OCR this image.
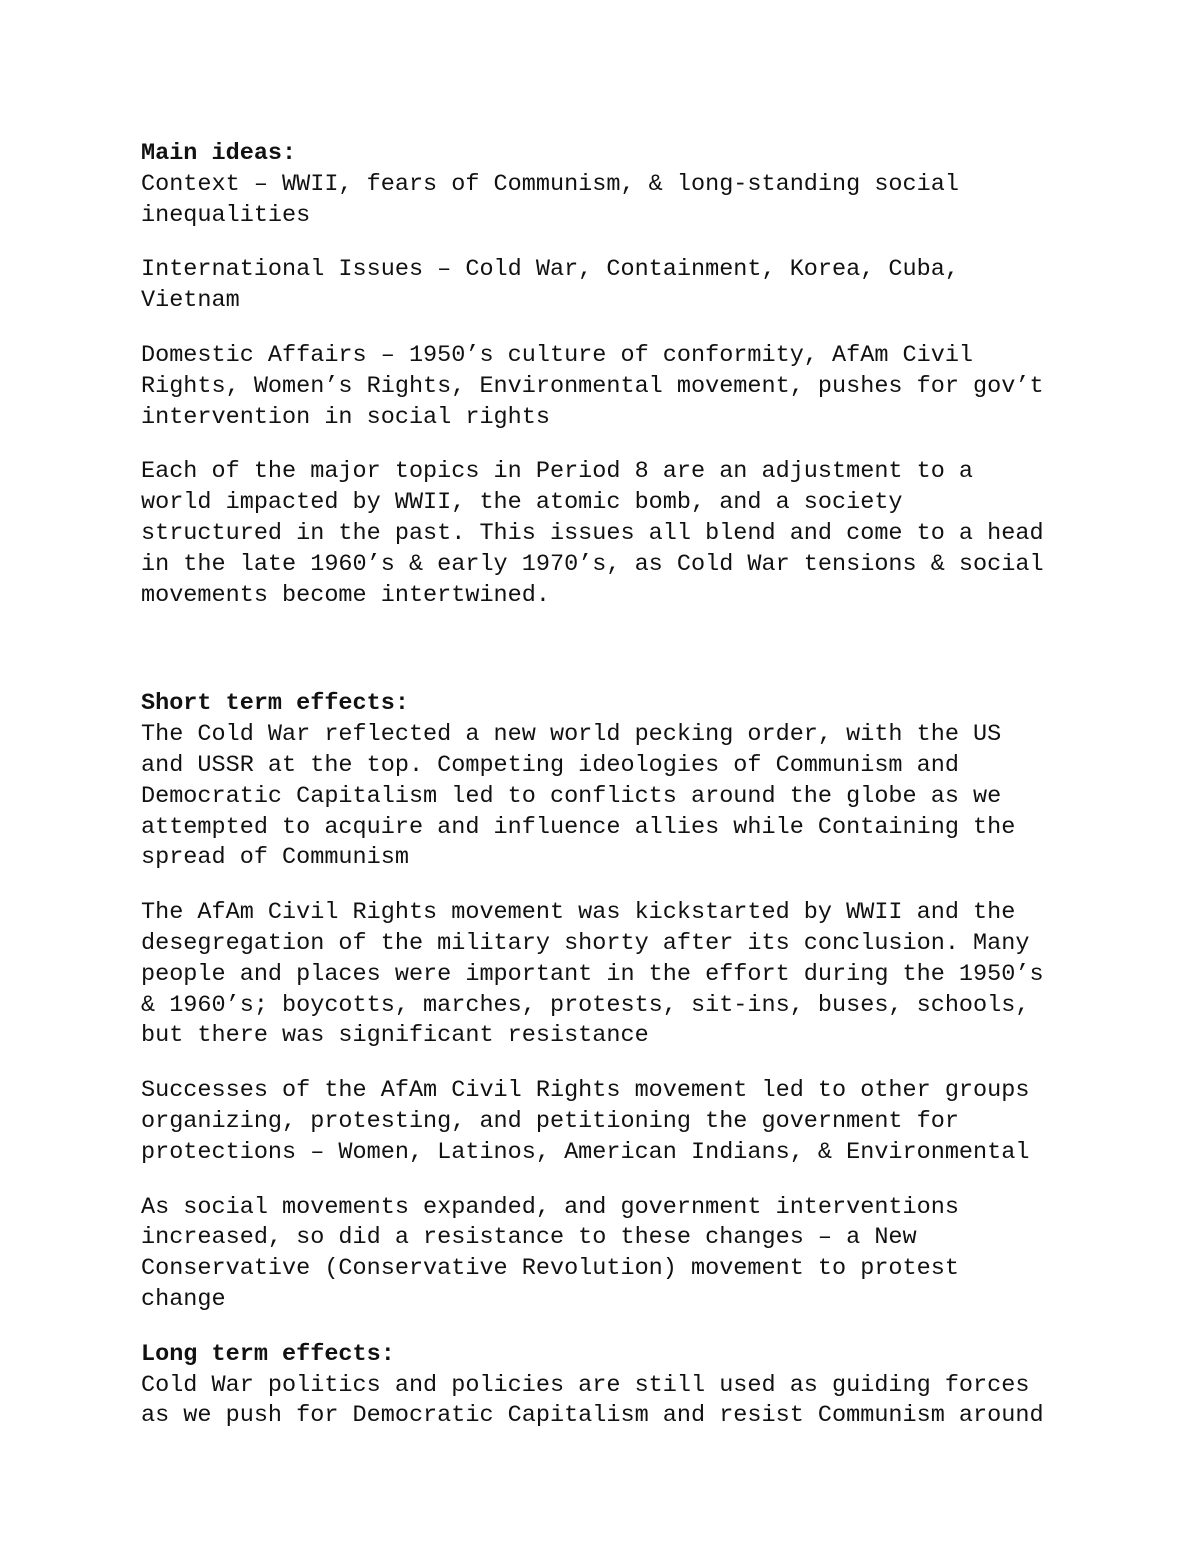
Main ideas:

Context – WWII, fears of Communism, & long-standing social

inequalities

International Issues – Cold War, Containment, Korea, Cuba,

Vietnam

Domestic Affairs – 1950’s culture of conformity, AfAm Civil

Rights, Women’s Rights, Environmental movement, pushes for gov’t

intervention in social rights

Each of the major topics in Period 8 are an adjustment to a

world impacted by WWII, the atomic bomb, and a society

structured in the past. This issues all blend and come to a head

in the late 1960’s & early 1970’s, as Cold War tensions & social

movements become intertwined.

Short term effects:

The Cold War reflected a new world pecking order, with the US

and USSR at the top. Competing ideologies of Communism and

Democratic Capitalism led to conflicts around the globe as we

attempted to acquire and influence allies while Containing the

spread of Communism

The AfAm Civil Rights movement was kickstarted by WWII and the

desegregation of the military shorty after its conclusion. Many

people and places were important in the effort during the 1950’s

& 1960’s; boycotts, marches, protests, sit-ins, buses, schools,

but there was significant resistance

Successes of the AfAm Civil Rights movement led to other groups

organizing, protesting, and petitioning the government for

protections – Women, Latinos, American Indians, & Environmental

As social movements expanded, and government interventions

increased, so did a resistance to these changes – a New

Conservative (Conservative Revolution) movement to protest

change

Long term effects:

Cold War politics and policies are still used as guiding forces

as we push for Democratic Capitalism and resist Communism around
